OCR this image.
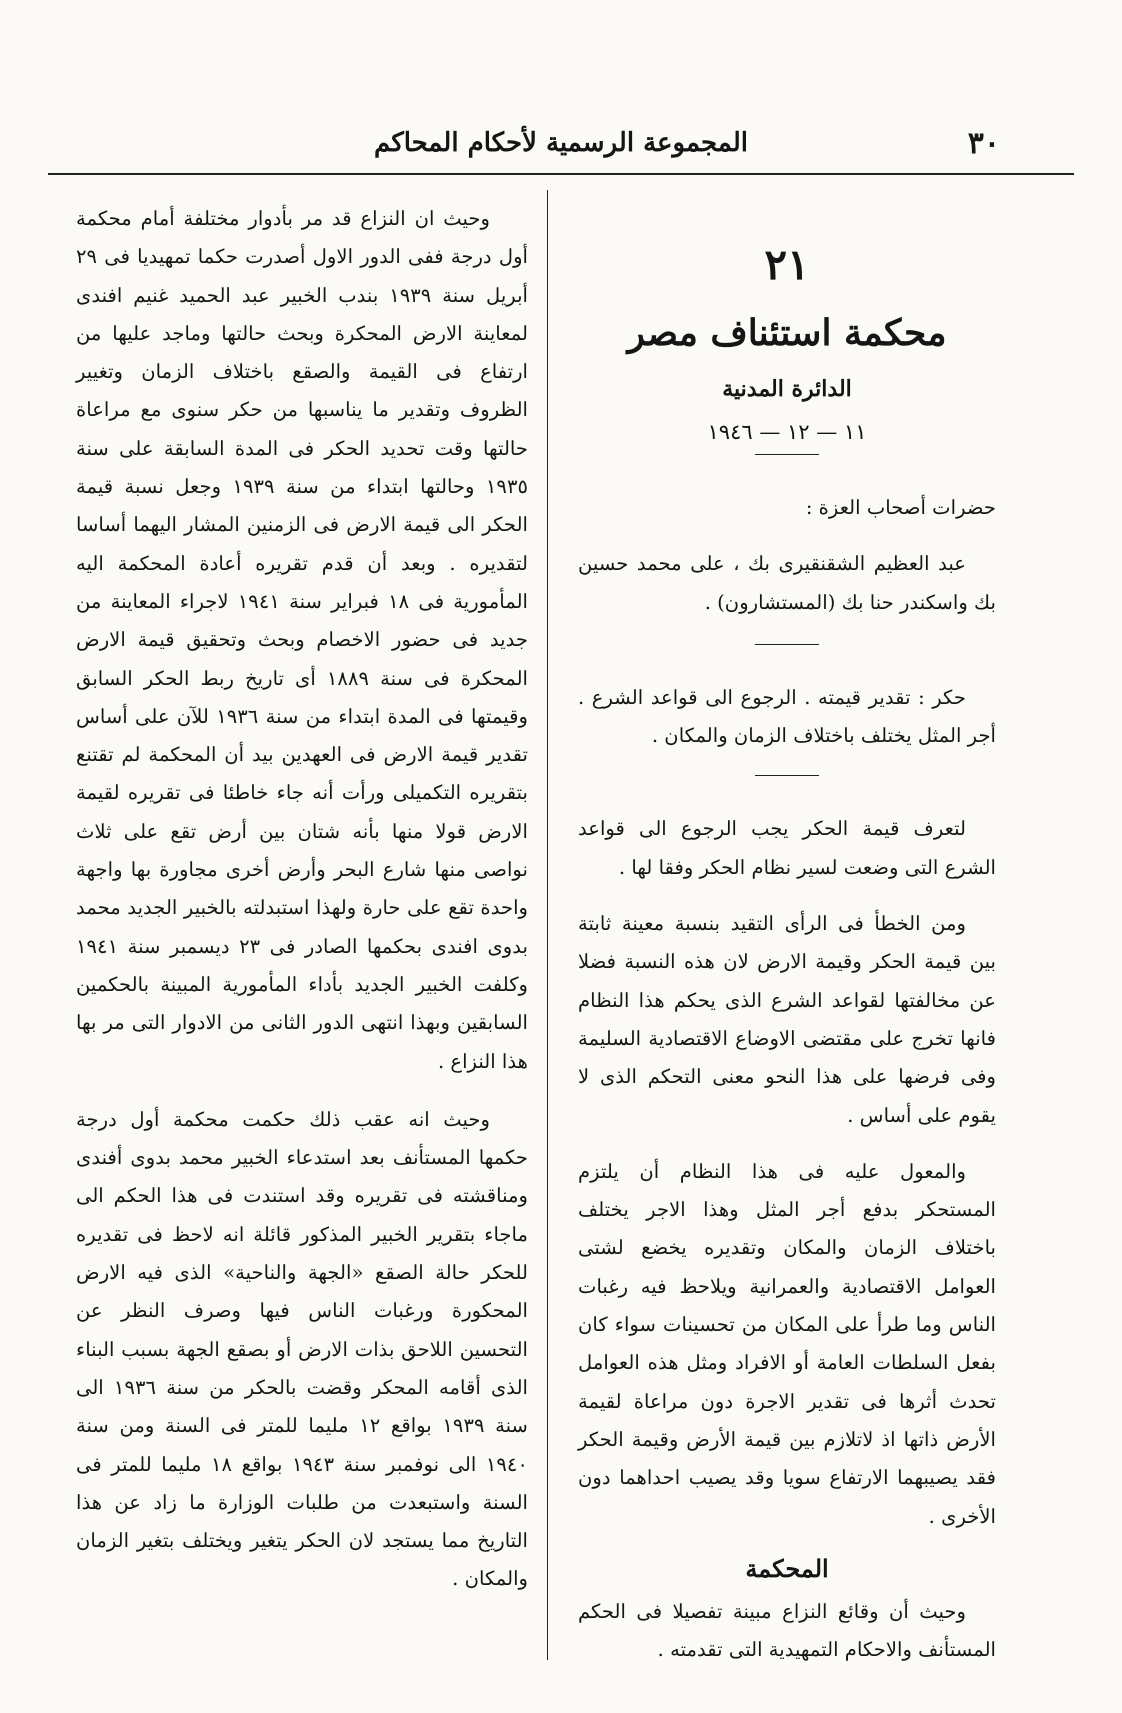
٣٠
المجموعة الرسمية لأحكام المحاكم
٢١
محكمة استئناف مصر
الدائرة المدنية
١١ — ١٢ — ١٩٤٦

حضرات أصحاب العزة :

عبد العظيم الشقنقيرى بك ، على محمد حسين بك واسكندر حنا بك (المستشارون) .

حكر : تقدير قيمته . الرجوع الى قواعد الشرع . أجر المثل يختلف باختلاف الزمان والمكان .

لتعرف قيمة الحكر يجب الرجوع الى قواعد الشرع التى وضعت لسير نظام الحكر وفقا لها .

ومن الخطأ فى الرأى التقيد بنسبة معينة ثابتة بين قيمة الحكر وقيمة الارض لان هذه النسبة فضلا عن مخالفتها لقواعد الشرع الذى يحكم هذا النظام فانها تخرج على مقتضى الاوضاع الاقتصادية السليمة وفى فرضها على هذا النحو معنى التحكم الذى لا يقوم على أساس .

والمعول عليه فى هذا النظام أن يلتزم المستحكر بدفع أجر المثل وهذا الاجر يختلف باختلاف الزمان والمكان وتقديره يخضع لشتى العوامل الاقتصادية والعمرانية ويلاحظ فيه رغبات الناس وما طرأ على المكان من تحسينات سواء كان بفعل السلطات العامة أو الافراد ومثل هذه العوامل تحدث أثرها فى تقدير الاجرة دون مراعاة لقيمة الأرض ذاتها اذ لاتلازم بين قيمة الأرض وقيمة الحكر فقد يصيبهما الارتفاع سويا وقد يصيب احداهما دون الأخرى .

المحكمة

وحيث أن وقائع النزاع مبينة تفصيلا فى الحكم المستأنف والاحكام التمهيدية التى تقدمته .

وحيث ان النزاع قد مر بأدوار مختلفة أمام محكمة أول درجة ففى الدور الاول أصدرت حكما تمهيديا فى ٢٩ أبريل سنة ١٩٣٩ بندب الخبير عبد الحميد غنيم افندى لمعاينة الارض المحكرة وبحث حالتها وماجد عليها من ارتفاع فى القيمة والصقع باختلاف الزمان وتغيير الظروف وتقدير ما يناسبها من حكر سنوى مع مراعاة حالتها وقت تحديد الحكر فى المدة السابقة على سنة ١٩٣٥ وحالتها ابتداء من سنة ١٩٣٩ وجعل نسبة قيمة الحكر الى قيمة الارض فى الزمنين المشار اليهما أساسا لتقديره . وبعد أن قدم تقريره أعادة المحكمة اليه المأمورية فى ١٨ فبراير سنة ١٩٤١ لاجراء المعاينة من جديد فى حضور الاخصام وبحث وتحقيق قيمة الارض المحكرة فى سنة ١٨٨٩ أى تاريخ ربط الحكر السابق وقيمتها فى المدة ابتداء من سنة ١٩٣٦ للآن على أساس تقدير قيمة الارض فى العهدين بيد أن المحكمة لم تقتنع بتقريره التكميلى ورأت أنه جاء خاطئا فى تقريره لقيمة الارض قولا منها بأنه شتان بين أرض تقع على ثلاث نواصى منها شارع البحر وأرض أخرى مجاورة بها واجهة واحدة تقع على حارة ولهذا استبدلته بالخبير الجديد محمد بدوى افندى بحكمها الصادر فى ٢٣ ديسمبر سنة ١٩٤١ وكلفت الخبير الجديد بأداء المأمورية المبينة بالحكمين السابقين وبهذا انتهى الدور الثانى من الادوار التى مر بها هذا النزاع .

وحيث انه عقب ذلك حكمت محكمة أول درجة حكمها المستأنف بعد استدعاء الخبير محمد بدوى أفندى ومناقشته فى تقريره وقد استندت فى هذا الحكم الى ماجاء بتقرير الخبير المذكور قائلة انه لاحظ فى تقديره للحكر حالة الصقع «الجهة والناحية» الذى فيه الارض المحكورة ورغبات الناس فيها وصرف النظر عن التحسين اللاحق بذات الارض أو بصقع الجهة بسبب البناء الذى أقامه المحكر وقضت بالحكر من سنة ١٩٣٦ الى سنة ١٩٣٩ بواقع ١٢ مليما للمتر فى السنة ومن سنة ١٩٤٠ الى نوفمبر سنة ١٩٤٣ بواقع ١٨ مليما للمتر فى السنة واستبعدت من طلبات الوزارة ما زاد عن هذا التاريخ مما يستجد لان الحكر يتغير ويختلف بتغير الزمان والمكان .
